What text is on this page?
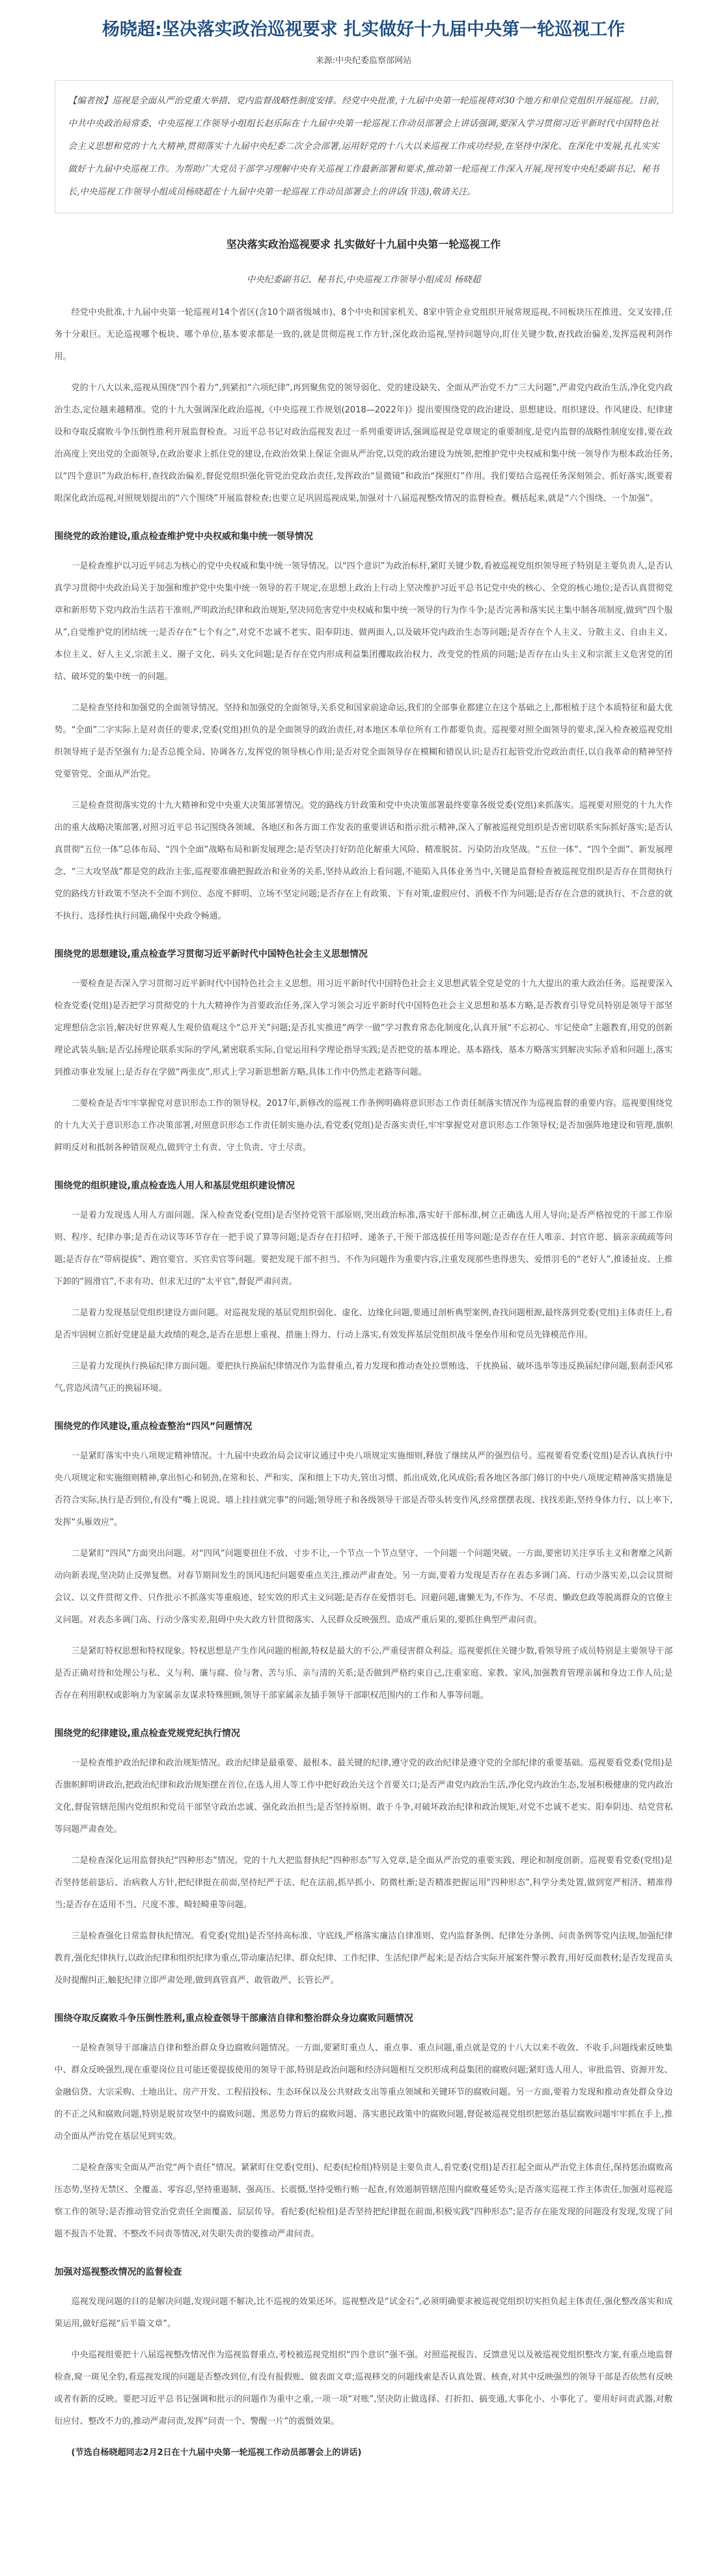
杨晓超:坚决落实政治巡视要求 扎实做好十九届中央第一轮巡视工作
来源:中央纪委监察部网站
【编者按】巡视是全面从严治党重大举措、党内监督战略性制度安排。经党中央批准,十九届中央第一轮巡视将对30个地方和单位党组织开展巡视。日前,中共中央政治局常委、中央巡视工作领导小组组长赵乐际在十九届中央第一轮巡视工作动员部署会上讲话强调,要深入学习贯彻习近平新时代中国特色社会主义思想和党的十九大精神,贯彻落实十九届中央纪委二次全会部署,运用好党的十八大以来巡视工作成功经验,在坚持中深化、在深化中发展,扎扎实实做好十九届中央巡视工作。为帮助广大党员干部学习理解中央有关巡视工作最新部署和要求,推动第一轮巡视工作深入开展,现刊发中央纪委副书记、秘书长,中央巡视工作领导小组成员杨晓超在十九届中央第一轮巡视工作动员部署会上的讲话(节选),敬请关注。
坚决落实政治巡视要求 扎实做好十九届中央第一轮巡视工作
中央纪委副书记、秘书长,中央巡视工作领导小组成员 杨晓超

经党中央批准,十九届中央第一轮巡视对14个省区(含10个副省级城市)、8个中央和国家机关、8家中管企业党组织开展常规巡视,不同板块压茬推进、交叉安排,任务十分艰巨。无论巡视哪个板块、哪个单位,基本要求都是一致的,就是贯彻巡视工作方针,深化政治巡视,坚持问题导向,盯住关键少数,查找政治偏差,发挥巡视利剑作用。

党的十八大以来,巡视从围绕“四个着力”,到紧扣“六项纪律”,再到聚焦党的领导弱化、党的建设缺失、全面从严治党不力“三大问题”,严肃党内政治生活,净化党内政治生态,定位越来越精准。党的十九大强调深化政治巡视,《中央巡视工作规划(2018—2022年)》提出要围绕党的政治建设、思想建设、组织建设、作风建设、纪律建设和夺取反腐败斗争压倒性胜利开展监督检查。习近平总书记对政治巡视发表过一系列重要讲话,强调巡视是党章规定的重要制度,是党内监督的战略性制度安排,要在政治高度上突出党的全面领导,在政治要求上抓住党的建设,在政治效果上保证全面从严治党,以党的政治建设为统领,把维护党中央权威和集中统一领导作为根本政治任务,以“四个意识”为政治标杆,查找政治偏差,督促党组织强化管党治党政治责任,发挥政治“显微镜”和政治“探照灯”作用。我们要结合巡视任务深刻领会、抓好落实,既要着眼深化政治巡视,对照规划提出的“六个围绕”开展监督检查;也要立足巩固巡视成果,加强对十八届巡视整改情况的监督检查。概括起来,就是“六个围绕、一个加强”。

围绕党的政治建设,重点检查维护党中央权威和集中统一领导情况

一是检查维护以习近平同志为核心的党中央权威和集中统一领导情况。以“四个意识”为政治标杆,紧盯关键少数,看被巡视党组织领导班子特别是主要负责人,是否认真学习贯彻中央政治局关于加强和维护党中央集中统一领导的若干规定,在思想上政治上行动上坚决维护习近平总书记党中央的核心、全党的核心地位;是否认真贯彻党章和新形势下党内政治生活若干准则,严明政治纪律和政治规矩,坚决同危害党中央权威和集中统一领导的行为作斗争;是否完善和落实民主集中制各项制度,做到“四个服从”,自觉维护党的团结统一;是否存在“七个有之”,对党不忠诚不老实、阳奉阴违、做两面人,以及破坏党内政治生态等问题;是否存在个人主义、分散主义、自由主义、本位主义、好人主义,宗派主义、圈子文化、码头文化问题;是否存在党内形成利益集团攫取政治权力、改变党的性质的问题;是否存在山头主义和宗派主义危害党的团结、破坏党的集中统一的问题。

二是检查坚持和加强党的全面领导情况。坚持和加强党的全面领导,关系党和国家前途命运,我们的全部事业都建立在这个基础之上,都根植于这个本质特征和最大优势。“全面”二字实际上是对责任的要求,党委(党组)担负的是全面领导的政治责任,对本地区本单位所有工作都要负责。巡视要对照全面领导的要求,深入检查被巡视党组织领导班子是否坚强有力;是否总揽全局、协调各方,发挥党的领导核心作用;是否对党全面领导存在模糊和错误认识;是否扛起管党治党政治责任,以自我革命的精神坚持党要管党、全面从严治党。

三是检查贯彻落实党的十九大精神和党中央重大决策部署情况。党的路线方针政策和党中央决策部署最终要靠各级党委(党组)来抓落实。巡视要对照党的十九大作出的重大战略决策部署,对照习近平总书记围绕各领域、各地区和各方面工作发表的重要讲话和指示批示精神,深入了解被巡视党组织是否密切联系实际抓好落实;是否认真贯彻“五位一体”总体布局、“四个全面”战略布局和新发展理念;是否坚决打好防范化解重大风险、精准脱贫、污染防治攻坚战。“五位一体”、“四个全面”、新发展理念、“三大攻坚战”都是党的政治主张,巡视要准确把握政治和业务的关系,坚持从政治上看问题,不能陷入具体业务当中,关键是监督检查被巡视党组织是否存在贯彻执行党的路线方针政策不坚决不全面不到位、态度不鲜明、立场不坚定问题;是否存在上有政策、下有对策,虚假应付、消极不作为问题;是否存在合意的就执行、不合意的就不执行、选择性执行问题,确保中央政令畅通。

围绕党的思想建设,重点检查学习贯彻习近平新时代中国特色社会主义思想情况

一要检查是否深入学习贯彻习近平新时代中国特色社会主义思想。用习近平新时代中国特色社会主义思想武装全党是党的十九大提出的重大政治任务。巡视要深入检查党委(党组)是否把学习贯彻党的十九大精神作为首要政治任务,深入学习领会习近平新时代中国特色社会主义思想和基本方略,是否教育引导党员特别是领导干部坚定理想信念宗旨,解决好世界观人生观价值观这个“总开关”问题;是否扎实推进“两学一做”学习教育常态化制度化,认真开展“不忘初心、牢记使命”主题教育,用党的创新理论武装头脑;是否弘扬理论联系实际的学风,紧密联系实际,自觉运用科学理论指导实践;是否把党的基本理论、基本路线、基本方略落实到解决实际矛盾和问题上,落实到推动事业发展上;是否存在学做“两张皮”,形式上学习新思想新方略,具体工作中仍然走老路等问题。

二要检查是否牢牢掌握党对意识形态工作的领导权。2017年,新修改的巡视工作条例明确将意识形态工作责任制落实情况作为巡视监督的重要内容。巡视要围绕党的十九大关于意识形态工作决策部署,对照意识形态工作责任制实施办法,看党委(党组)是否落实责任,牢牢掌握党对意识形态工作领导权;是否加强阵地建设和管理,旗帜鲜明反对和抵制各种错误观点,做到守土有责、守土负责、守土尽责。

围绕党的组织建设,重点检查选人用人和基层党组织建设情况

一是着力发现选人用人方面问题。深入检查党委(党组)是否坚持党管干部原则,突出政治标准,落实好干部标准,树立正确选人用人导向;是否严格按党的干部工作原则、程序、纪律办事;是否在动议等环节存在一把手说了算等问题;是否存在打招呼、递条子,干预干部选拔任用等问题;是否存在任人唯亲、封官许愿、搞亲亲疏疏等问题;是否存在“带病提拔”、跑官要官、买官卖官等问题。要把发现干部不担当、不作为问题作为重要内容,注重发现那些患得患失、爱惜羽毛的“老好人”,推诿扯皮、上推下卸的“圆滑官”,不求有功、但求无过的“太平官”,督促严肃问责。

二是着力发现基层党组织建设方面问题。对巡视发现的基层党组织弱化、虚化、边缘化问题,要通过剖析典型案例,查找问题根源,最终落到党委(党组)主体责任上,看是否牢固树立抓好党建是最大政绩的观念,是否在思想上重视、措施上得力、行动上落实,有效发挥基层党组织战斗堡垒作用和党员先锋模范作用。

三是着力发现执行换届纪律方面问题。要把执行换届纪律情况作为监督重点,着力发现和推动查处拉票贿选、干扰换届、破坏选举等违反换届纪律问题,狠刹歪风邪气,营造风清气正的换届环境。

围绕党的作风建设,重点检查整治“四风”问题情况

一是紧盯落实中央八项规定精神情况。十九届中央政治局会议审议通过中央八项规定实施细则,释放了继续从严的强烈信号。巡视要看党委(党组)是否认真执行中央八项规定和实施细则精神,拿出恒心和韧劲,在常和长、严和实、深和细上下功夫,管出习惯、抓出成效,化风成俗;看各地区各部门修订的中央八项规定精神落实措施是否符合实际,执行是否到位,有没有“嘴上说说、墙上挂挂就完事”的问题;领导班子和各级领导干部是否带头转变作风,经常摆摆表现、找找差距,坚持身体力行、以上率下,发挥“头雁效应”。

二是紧盯“四风”方面突出问题。对“四风”问题要扭住不放、寸步不让,一个节点一个节点坚守、一个问题一个问题突破。一方面,要密切关注享乐主义和奢靡之风新动向新表现,坚决防止反弹复燃。对春节期间发生的顶风违纪问题要重点关注,推动严肃查处。另一方面,要着力发现是否存在表态多调门高、行动少落实差,以会议贯彻会议、以文件贯彻文件、只作批示不抓落实等重痕迹、轻实效的形式主义问题;是否存在爱惜羽毛、回避问题,庸懒无为,不作为、不尽责、懒政怠政等脱离群众的官僚主义问题。对表态多调门高、行动少落实差,阻碍中央大政方针贯彻落实、人民群众反映强烈、造成严重后果的,要抓住典型严肃问责。

三是紧盯特权思想和特权现象。特权思想是产生作风问题的根源,特权是最大的不公,严重侵害群众利益。巡视要抓住关键少数,看领导班子成员特别是主要领导干部是否正确对待和处理公与私、义与利、廉与腐、俭与奢、苦与乐、亲与清的关系;是否做到严格约束自己,注重家庭、家教、家风,加强教育管理亲属和身边工作人员;是否存在利用职权或影响力为家属亲友谋求特殊照顾,领导干部家属亲友插手领导干部职权范围内的工作和人事等问题。

围绕党的纪律建设,重点检查党规党纪执行情况

一是检查维护政治纪律和政治规矩情况。政治纪律是最重要、最根本、最关键的纪律,遵守党的政治纪律是遵守党的全部纪律的重要基础。巡视要看党委(党组)是否旗帜鲜明讲政治,把政治纪律和政治规矩摆在首位,在选人用人等工作中把好政治关这个首要关口;是否严肃党内政治生活,净化党内政治生态,发展积极健康的党内政治文化,督促管辖范围内党组织和党员干部坚守政治忠诚、强化政治担当;是否坚持原则、敢于斗争,对破坏政治纪律和政治规矩,对党不忠诚不老实、阳奉阴违、结党营私等问题严肃查处。

二是检查深化运用监督执纪“四种形态”情况。党的十九大把监督执纪“四种形态”写入党章,是全面从严治党的重要实践、理论和制度创新。巡视要看党委(党组)是否坚持惩前毖后、治病救人方针,把纪律挺在前面,坚持纪严于法、纪在法前,抓早抓小、防微杜渐;是否精准把握运用“四种形态”,科学分类处置,做到宽严相济、精准得当;是否存在适用不当、尺度不准、畸轻畸重等问题。

三是检查强化日常监督执纪情况。看党委(党组)是否坚持高标准、守底线,严格落实廉洁自律准则、党内监督条例、纪律处分条例、问责条例等党内法规,加强纪律教育,强化纪律执行,以政治纪律和组织纪律为重点,带动廉洁纪律、群众纪律、工作纪律、生活纪律严起来;是否结合实际开展案件警示教育,用好反面教材;是否发现苗头及时提醒纠正,触犯纪律立即严肃处理,做到真管真严、敢管敢严、长管长严。

围绕夺取反腐败斗争压倒性胜利,重点检查领导干部廉洁自律和整治群众身边腐败问题情况

一是检查领导干部廉洁自律和整治群众身边腐败问题情况。一方面,要紧盯重点人、重点事、重点问题,重点就是党的十八大以来不收敛、不收手,问题线索反映集中、群众反映强烈,现在重要岗位且可能还要提拔使用的领导干部,特别是政治问题和经济问题相互交织形成利益集团的腐败问题;紧盯选人用人、审批监管、资源开发、金融信贷、大宗采购、土地出让、房产开发、工程招投标、生态环保以及公共财政支出等重点领域和关键环节的腐败问题。另一方面,要着力发现和推动查处群众身边的不正之风和腐败问题,特别是脱贫攻坚中的腐败问题、黑恶势力背后的腐败问题、落实惠民政策中的腐败问题,督促被巡视党组织把惩治基层腐败问题牢牢抓在手上,推动全面从严治党在基层见到实效。

二是检查落实全面从严治党“两个责任”情况。紧紧盯住党委(党组)、纪委(纪检组)特别是主要负责人,看党委(党组)是否扛起全面从严治党主体责任,保持惩治腐败高压态势,坚持无禁区、全覆盖、零容忍,坚持重遏制、强高压、长震慑,坚持受贿行贿一起查,有效遏制管辖范围内腐败蔓延势头;是否落实巡视工作主体责任,加强对巡视巡察工作的领导;是否推动管党治党责任全面覆盖、层层传导。看纪委(纪检组)是否坚持把纪律挺在前面,积极实践“四种形态”;是否存在能发现的问题没有发现,发现了问题不报告不处置、不整改不问责等情况,对失职失责的要推动严肃问责。

加强对巡视整改情况的监督检查

巡视发现问题的目的是解决问题,发现问题不解决,比不巡视的效果还坏。巡视整改是“试金石”,必须明确要求被巡视党组织切实担负起主体责任,强化整改落实和成果运用,做好巡视“后半篇文章”。

中央巡视组要把十八届巡视整改情况作为巡视监督重点,考校被巡视党组织“四个意识”强不强。对照巡视报告、反馈意见以及被巡视党组织整改方案,有重点地监督检查,窥一斑见全豹,看巡视发现的问题是否整改到位,有没有报假账、做表面文章;巡视移交的问题线索是否认真处置、核查,对其中反映强烈的领导干部是否依然有反映或者有新的反映。要把习近平总书记强调和批示的问题作为重中之重,一项一项“对账”,坚决防止做选择、打折扣、搞变通,大事化小、小事化了。要用好问责武器,对敷衍应付、整改不力的,推动严肃问责,发挥“问责一个、警醒一片”的震慑效果。

(节选自杨晓超同志2月2日在十九届中央第一轮巡视工作动员部署会上的讲话)
